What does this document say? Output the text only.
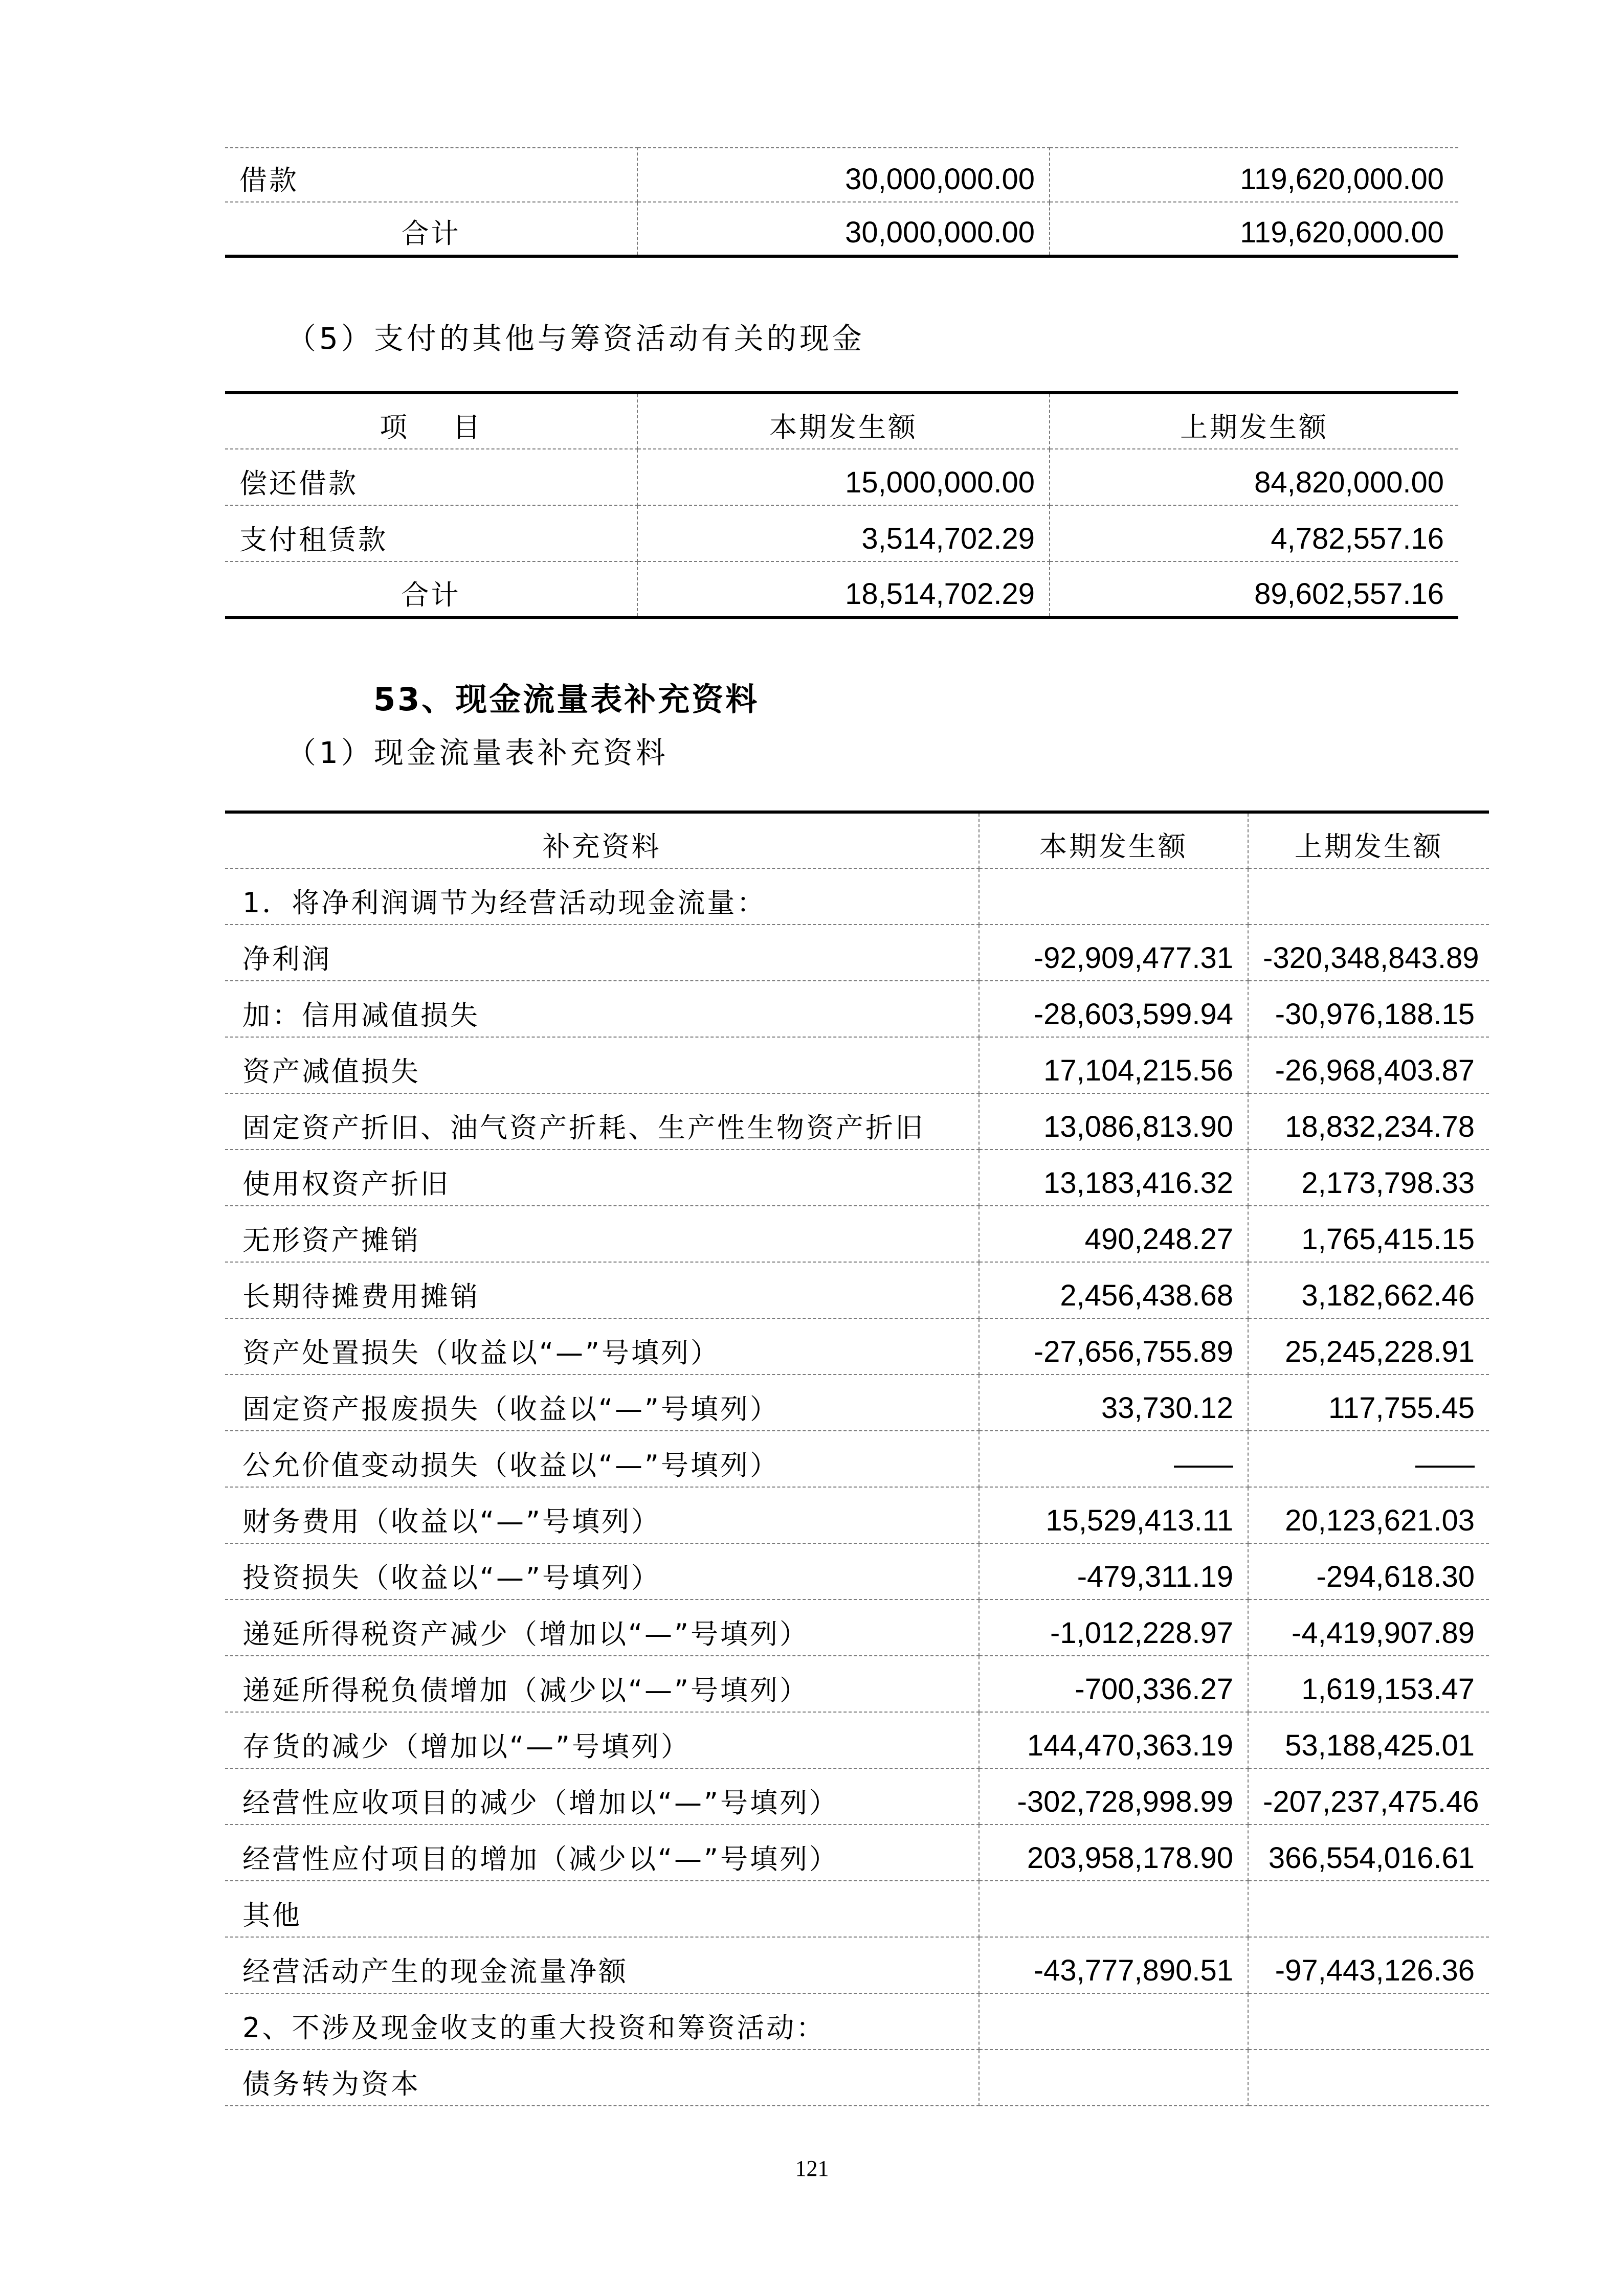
借款	30,000,000.00	119,620,000.00
合计	30,000,000.00	119,620,000.00
（5）支付的其他与筹资活动有关的现金
项    目	本期发生额	上期发生额
偿还借款	15,000,000.00	84,820,000.00
支付租赁款	3,514,702.29	4,782,557.16
合计	18,514,702.29	89,602,557.16
53、现金流量表补充资料
（1）现金流量表补充资料
补充资料	本期发生额	上期发生额
1．将净利润调节为经营活动现金流量：		
净利润	-92,909,477.31	-320,348,843.89
加：信用减值损失	-28,603,599.94	-30,976,188.15
资产减值损失	17,104,215.56	-26,968,403.87
固定资产折旧、油气资产折耗、生产性生物资产折旧	13,086,813.90	18,832,234.78
使用权资产折旧	13,183,416.32	2,173,798.33
无形资产摊销	490,248.27	1,765,415.15
长期待摊费用摊销	2,456,438.68	3,182,662.46
资产处置损失（收益以“—”号填列）	-27,656,755.89	25,245,228.91
固定资产报废损失（收益以“—”号填列）	33,730.12	117,755.45
公允价值变动损失（收益以“—”号填列）	——	——
财务费用（收益以“—”号填列）	15,529,413.11	20,123,621.03
投资损失（收益以“—”号填列）	-479,311.19	-294,618.30
递延所得税资产减少（增加以“—”号填列）	-1,012,228.97	-4,419,907.89
递延所得税负债增加（减少以“—”号填列）	-700,336.27	1,619,153.47
存货的减少（增加以“—”号填列）	144,470,363.19	53,188,425.01
经营性应收项目的减少（增加以“—”号填列）	-302,728,998.99	-207,237,475.46
经营性应付项目的增加（减少以“—”号填列）	203,958,178.90	366,554,016.61
其他		
经营活动产生的现金流量净额	-43,777,890.51	-97,443,126.36
2、不涉及现金收支的重大投资和筹资活动：		
债务转为资本		
121
